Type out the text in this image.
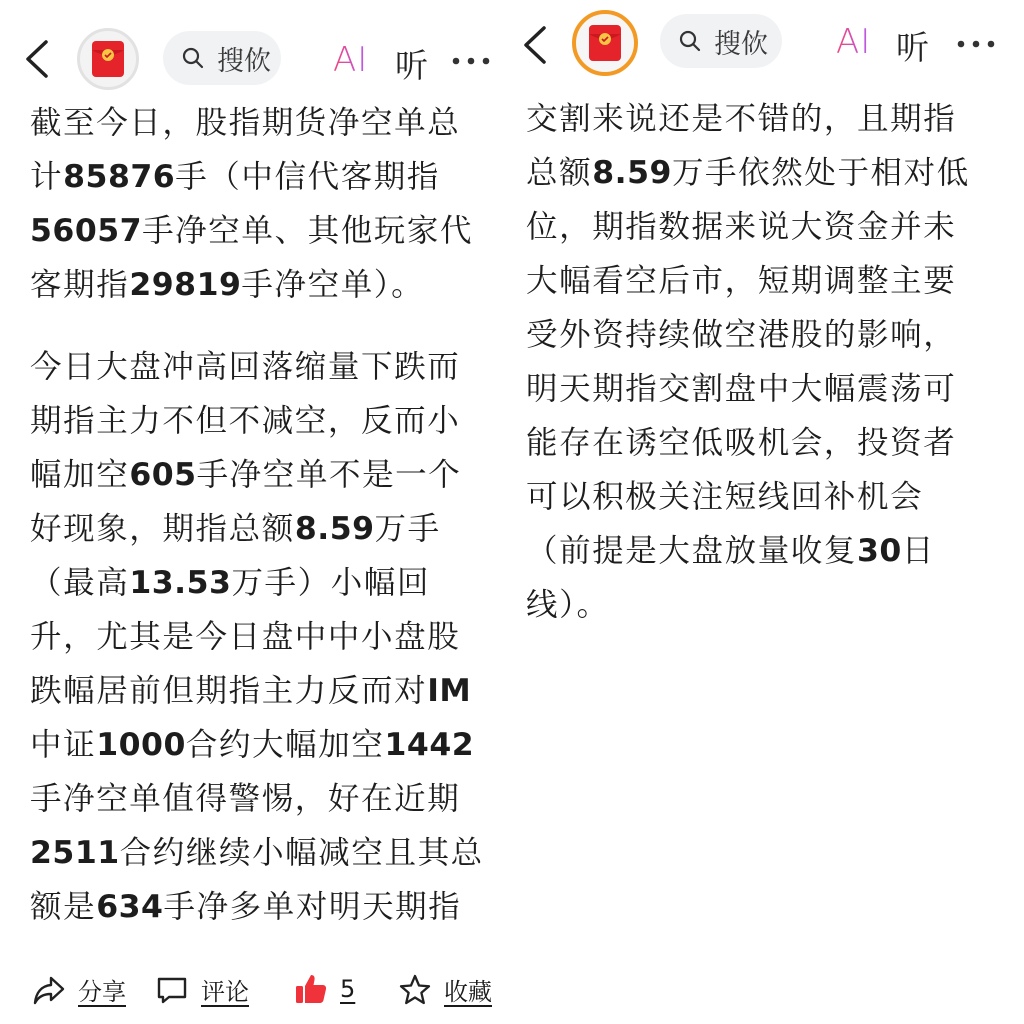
搜佽 AI 听

截至今日，股指期货净空单总

计85876手（中信代客期指

56057手净空单、其他玩家代

客期指29819手净空单）。

今日大盘冲高回落缩量下跌而

期指主力不但不减空，反而小

幅加空605手净空单不是一个

好现象，期指总额8.59万手

（最高13.53万手）小幅回

升，尤其是今日盘中中小盘股

跌幅居前但期指主力反而对IM

中证1000合约大幅加空1442

手净空单值得警惕，好在近期

2511合约继续小幅减空且其总

额是634手净多单对明天期指

分享	评论	5	收藏
搜佽 AI 听

交割来说还是不错的，且期指

总额8.59万手依然处于相对低

位，期指数据来说大资金并未

大幅看空后市，短期调整主要

受外资持续做空港股的影响，

明天期指交割盘中大幅震荡可

能存在诱空低吸机会，投资者

可以积极关注短线回补机会

（前提是大盘放量收复30日

线）。
